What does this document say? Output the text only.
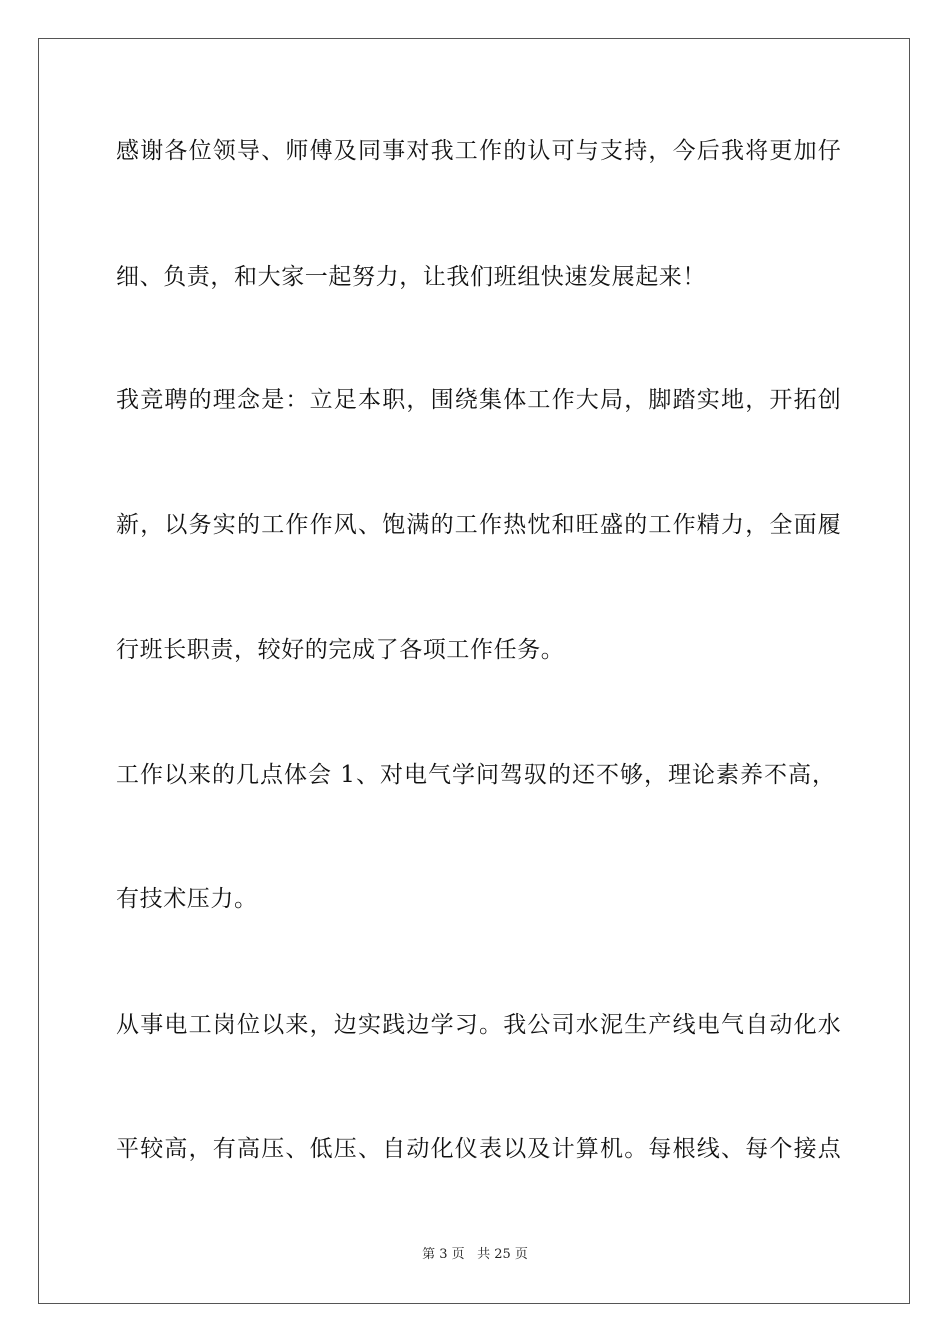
感谢各位领导、师傅及同事对我工作的认可与支持，今后我将更加仔
细、负责，和大家一起努力，让我们班组快速发展起来！
我竞聘的理念是：立足本职，围绕集体工作大局，脚踏实地，开拓创
新，以务实的工作作风、饱满的工作热忱和旺盛的工作精力，全面履
行班长职责，较好的完成了各项工作任务。
工作以来的几点体会 1、对电气学问驾驭的还不够，理论素养不高，
有技术压力。
从事电工岗位以来，边实践边学习。我公司水泥生产线电气自动化水
平较高，有高压、低压、自动化仪表以及计算机。每根线、每个接点
第 3 页 共 25 页
